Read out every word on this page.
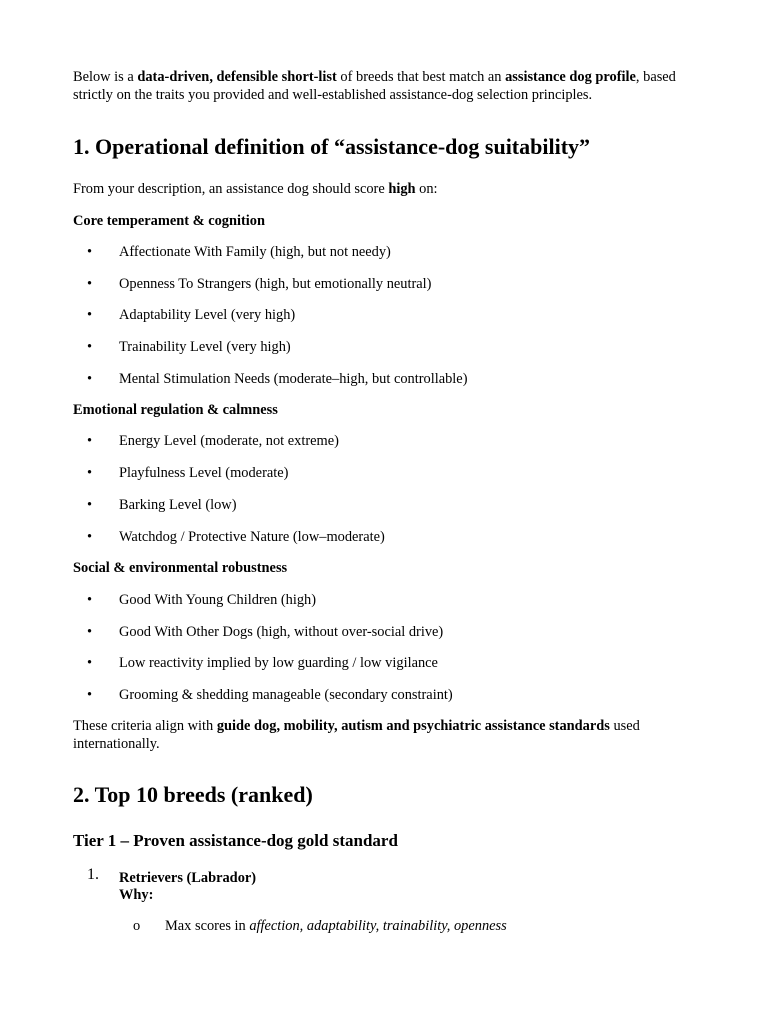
Below is a data-driven, defensible short-list of breeds that best match an assistance dog profile, based strictly on the traits you provided and well-established assistance-dog selection principles.
1. Operational definition of “assistance-dog suitability”
From your description, an assistance dog should score high on:
Core temperament & cognition
• Affectionate With Family (high, but not needy)
• Openness To Strangers (high, but emotionally neutral)
• Adaptability Level (very high)
• Trainability Level (very high)
• Mental Stimulation Needs (moderate–high, but controllable)
Emotional regulation & calmness
• Energy Level (moderate, not extreme)
• Playfulness Level (moderate)
• Barking Level (low)
• Watchdog / Protective Nature (low–moderate)
Social & environmental robustness
• Good With Young Children (high)
• Good With Other Dogs (high, without over-social drive)
• Low reactivity implied by low guarding / low vigilance
• Grooming & shedding manageable (secondary constraint)
These criteria align with guide dog, mobility, autism and psychiatric assistance standards used
internationally.
2. Top 10 breeds (ranked)
Tier 1 – Proven assistance-dog gold standard
1.	Retrievers (Labrador)
Why:
o Max scores in affection, adaptability, trainability, openness
